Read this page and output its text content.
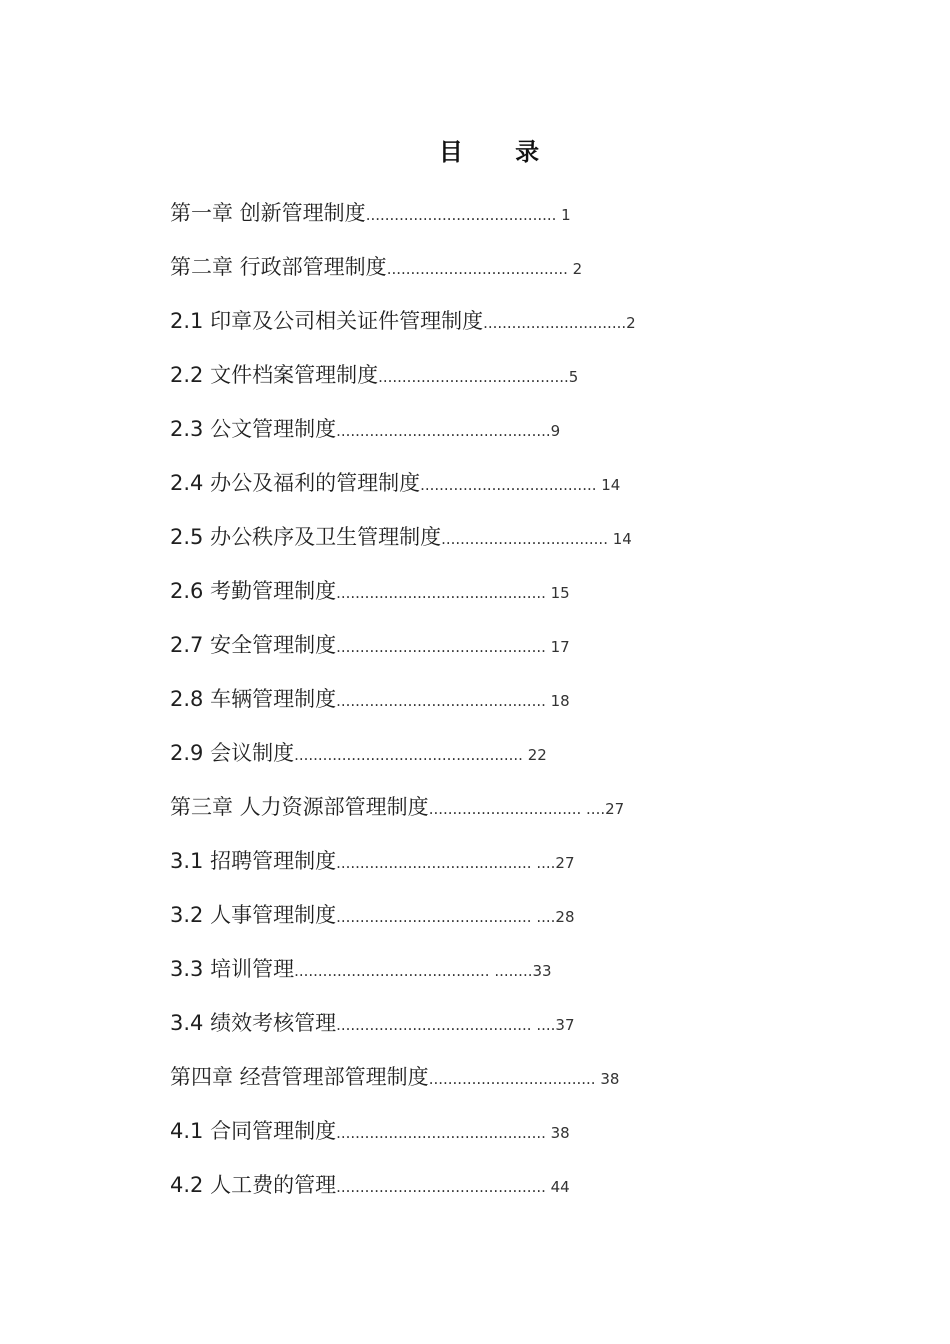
目 录
第一章 创新管理制度........................................ 1
第二章 行政部管理制度...................................... 2
2.1 印章及公司相关证件管理制度..............................2
2.2 文件档案管理制度........................................5
2.3 公文管理制度.............................................9
2.4 办公及福利的管理制度..................................... 14
2.5 办公秩序及卫生管理制度................................... 14
2.6 考勤管理制度............................................ 15
2.7 安全管理制度............................................ 17
2.8 车辆管理制度............................................ 18
2.9 会议制度................................................ 22
第三章 人力资源部管理制度................................ ....27
3.1 招聘管理制度......................................... ....27
3.2 人事管理制度......................................... ....28
3.3 培训管理......................................... ........33
3.4 绩效考核管理......................................... ....37
第四章 经营管理部管理制度................................... 38
4.1 合同管理制度............................................ 38
4.2 人工费的管理............................................ 44
